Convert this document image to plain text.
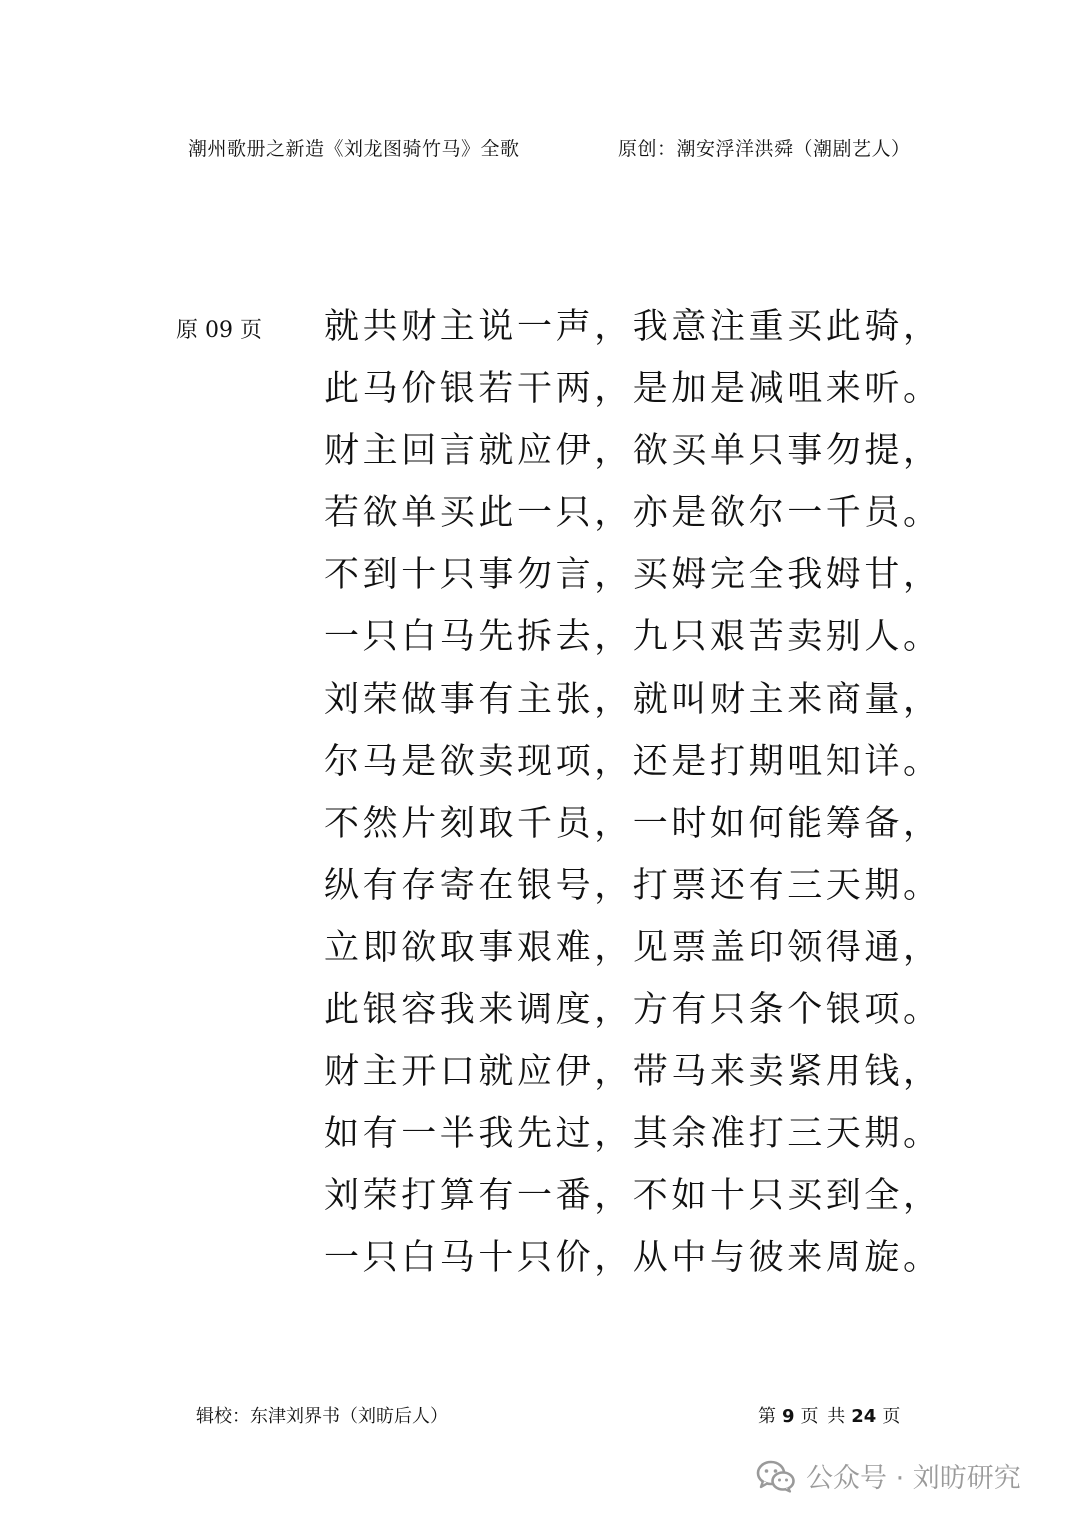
潮州歌册之新造《刘龙图骑竹马》全歌	原创：潮安浮洋洪舜（潮剧艺人）
原 09 页 就共财主说一声，我意注重买此骑，
此马价银若干两，是加是减咀来听。
财主回言就应伊，欲买单只事勿提，
若欲单买此一只，亦是欲尔一千员。
不到十只事勿言，买姆完全我姆甘，
一只白马先拆去，九只艰苦卖别人。
刘荣做事有主张，就叫财主来商量，
尔马是欲卖现项，还是打期咀知详。
不然片刻取千员，一时如何能筹备，
纵有存寄在银号，打票还有三天期。
立即欲取事艰难，见票盖印领得通，
此银容我来调度，方有只条个银项。
财主开口就应伊，带马来卖紧用钱，
如有一半我先过，其余准打三天期。
刘荣打算有一番，不如十只买到全，
一只白马十只价，从中与彼来周旋。
辑校：东津刘界书（刘昉后人）	第 9 页 共 24 页
公众号 · 刘昉研究
